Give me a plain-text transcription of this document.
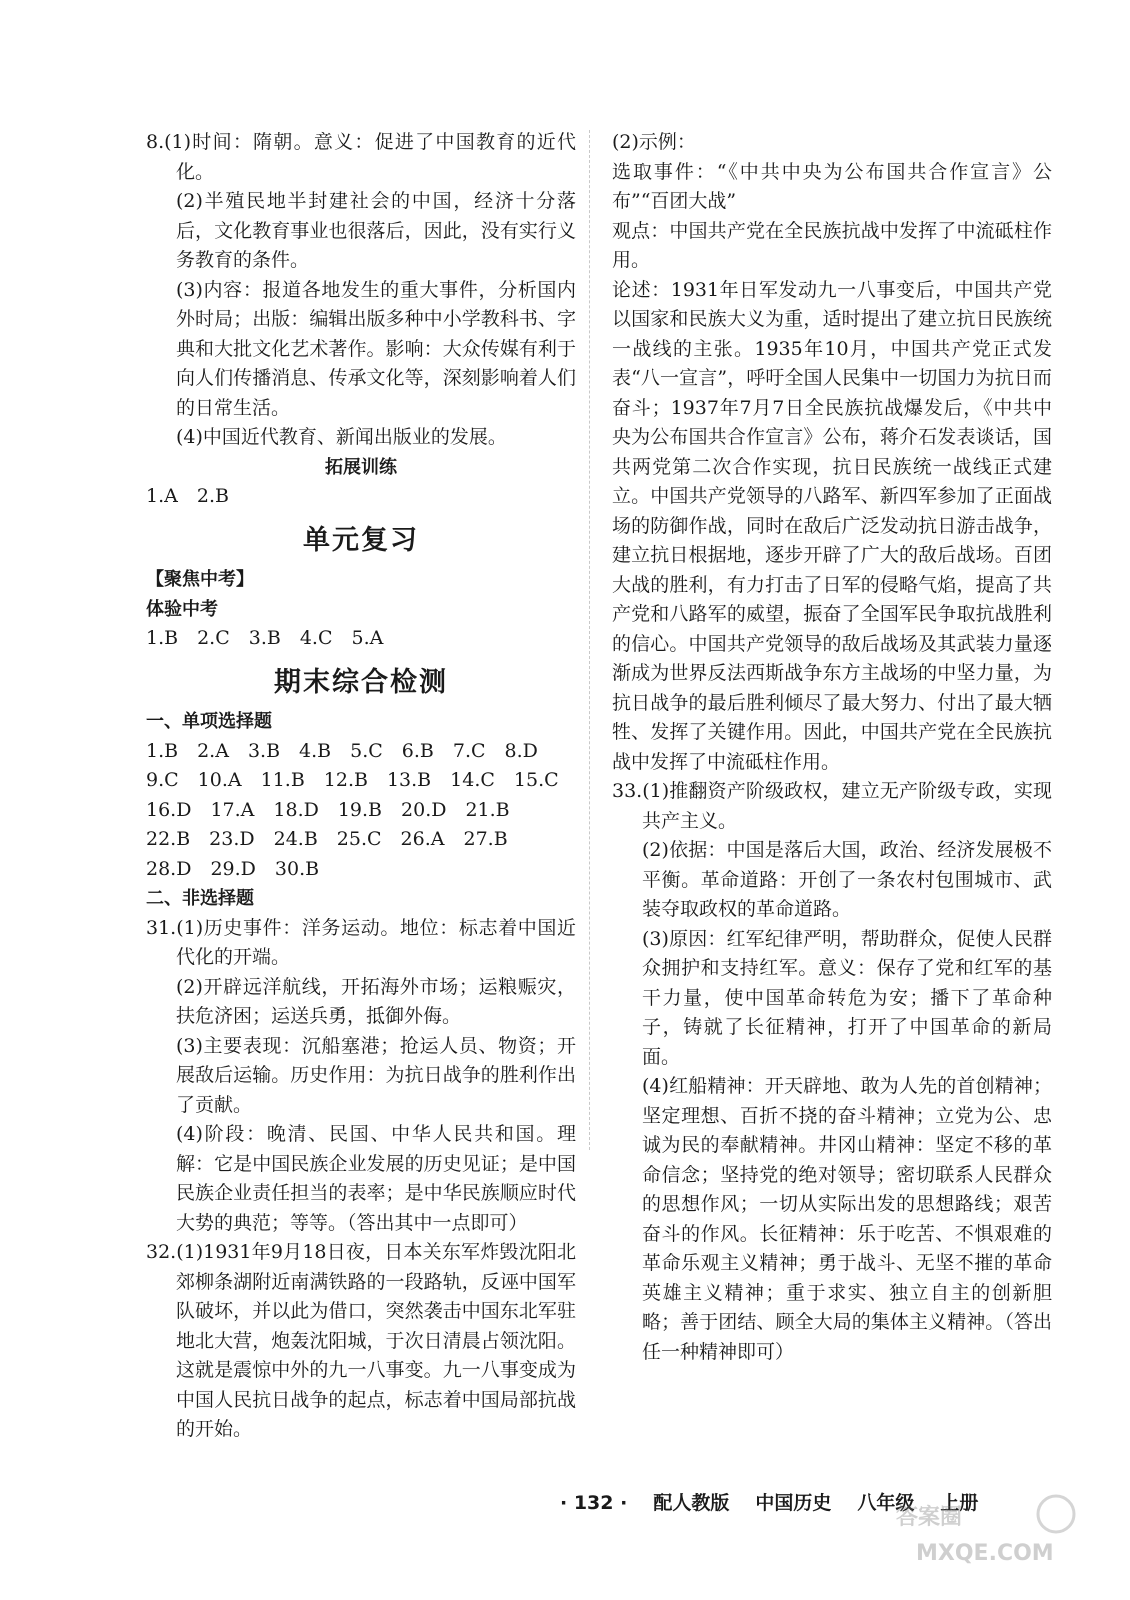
8.(1)时间：隋朝。意义：促进了中国教育的近代化。

(2)半殖民地半封建社会的中国，经济十分落后，文化教育事业也很落后，因此，没有实行义务教育的条件。

(3)内容：报道各地发生的重大事件，分析国内外时局；出版：编辑出版多种中小学教科书、字典和大批文化艺术著作。影响：大众传媒有利于向人们传播消息、传承文化等，深刻影响着人们的日常生活。

(4)中国近代教育、新闻出版业的发展。

拓展训练

1.A　2.B

单元复习

【聚焦中考】

体验中考

1.B　2.C　3.B　4.C　5.A

期末综合检测

一、单项选择题

1.B　2.A　3.B　4.B　5.C　6.B　7.C　8.D

9.C　10.A　11.B　12.B　13.B　14.C　15.C

16.D　17.A　18.D　19.B　20.D　21.B

22.B　23.D　24.B　25.C　26.A　27.B

28.D　29.D　30.B

二、非选择题

31.(1)历史事件：洋务运动。地位：标志着中国近代化的开端。

(2)开辟远洋航线，开拓海外市场；运粮赈灾，扶危济困；运送兵勇，抵御外侮。

(3)主要表现：沉船塞港；抢运人员、物资；开展敌后运输。历史作用：为抗日战争的胜利作出了贡献。

(4)阶段：晚清、民国、中华人民共和国。理解：它是中国民族企业发展的历史见证；是中国民族企业责任担当的表率；是中华民族顺应时代大势的典范；等等。（答出其中一点即可）

32.(1)1931年9月18日夜，日本关东军炸毁沈阳北郊柳条湖附近南满铁路的一段路轨，反诬中国军队破坏，并以此为借口，突然袭击中国东北军驻地北大营，炮轰沈阳城，于次日清晨占领沈阳。这就是震惊中外的九一八事变。九一八事变成为中国人民抗日战争的起点，标志着中国局部抗战的开始。

(2)示例：

选取事件：“《中共中央为公布国共合作宣言》公布”“百团大战”

观点：中国共产党在全民族抗战中发挥了中流砥柱作用。

论述：1931年日军发动九一八事变后，中国共产党以国家和民族大义为重，适时提出了建立抗日民族统一战线的主张。1935年10月，中国共产党正式发表“八一宣言”，呼吁全国人民集中一切国力为抗日而奋斗；1937年7月7日全民族抗战爆发后，《中共中央为公布国共合作宣言》公布，蒋介石发表谈话，国共两党第二次合作实现，抗日民族统一战线正式建立。中国共产党领导的八路军、新四军参加了正面战场的防御作战，同时在敌后广泛发动抗日游击战争，建立抗日根据地，逐步开辟了广大的敌后战场。百团大战的胜利，有力打击了日军的侵略气焰，提高了共产党和八路军的威望，振奋了全国军民争取抗战胜利的信心。中国共产党领导的敌后战场及其武装力量逐渐成为世界反法西斯战争东方主战场的中坚力量，为抗日战争的最后胜利倾尽了最大努力、付出了最大牺牲、发挥了关键作用。因此，中国共产党在全民族抗战中发挥了中流砥柱作用。

33.(1)推翻资产阶级政权，建立无产阶级专政，实现共产主义。

(2)依据：中国是落后大国，政治、经济发展极不平衡。革命道路：开创了一条农村包围城市、武装夺取政权的革命道路。

(3)原因：红军纪律严明，帮助群众，促使人民群众拥护和支持红军。意义：保存了党和红军的基干力量，使中国革命转危为安；播下了革命种子，铸就了长征精神，打开了中国革命的新局面。

(4)红船精神：开天辟地、敢为人先的首创精神；坚定理想、百折不挠的奋斗精神；立党为公、忠诚为民的奉献精神。井冈山精神：坚定不移的革命信念；坚持党的绝对领导；密切联系人民群众的思想作风；一切从实际出发的思想路线；艰苦奋斗的作风。长征精神：乐于吃苦、不惧艰难的革命乐观主义精神；勇于战斗、无坚不摧的革命英雄主义精神；重于求实、独立自主的创新胆略；善于团结、顾全大局的集体主义精神。（答出任一种精神即可）

· 132 · 配人教版 中国历史 八年级 上册
答案圈
MXQE.COM
